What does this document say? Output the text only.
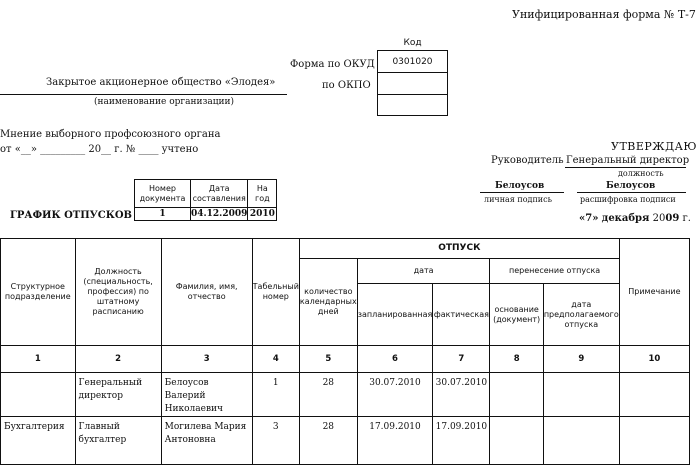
Унифицированная форма № Т-7
Форма по ОКУД
по ОКПО
Код
0301020

Закрытое акционерное общество «Элодея»
(наименование организации)
Мнение выборного профсоюзного органа
от «__» _________ 20__ г. № ____ учтено	УТВЕРЖДАЮ
Руководитель Генеральный директор
должность
Белоусов
личная подпись
Белоусов
расшифровка подписи
«7» декабря 2009 г.
ГРАФИК ОТПУСКОВ
Номер документа	Дата составления	На год
1	04.12.2009	2010
Структурное подразделение	Должность (специальность, профессия) по штатному расписанию	Фамилия, имя, отчество	Табельный номер	ОТПУСК					Примечание
				количество календарных дней	дата		перенесение отпуска		
					запланированная	фактическая	основание (документ)	дата предполагаемого отпуска	
1	2	3	4	5	6	7	8	9	10
	Генеральный директор	Белоусов Валерий Николаевич	1	28	30.07.2010	30.07.2010			
Бухгалтерия	Главный бухгалтер	Могилева Мария Антоновна	3	28	17.09.2010	17.09.2010			
